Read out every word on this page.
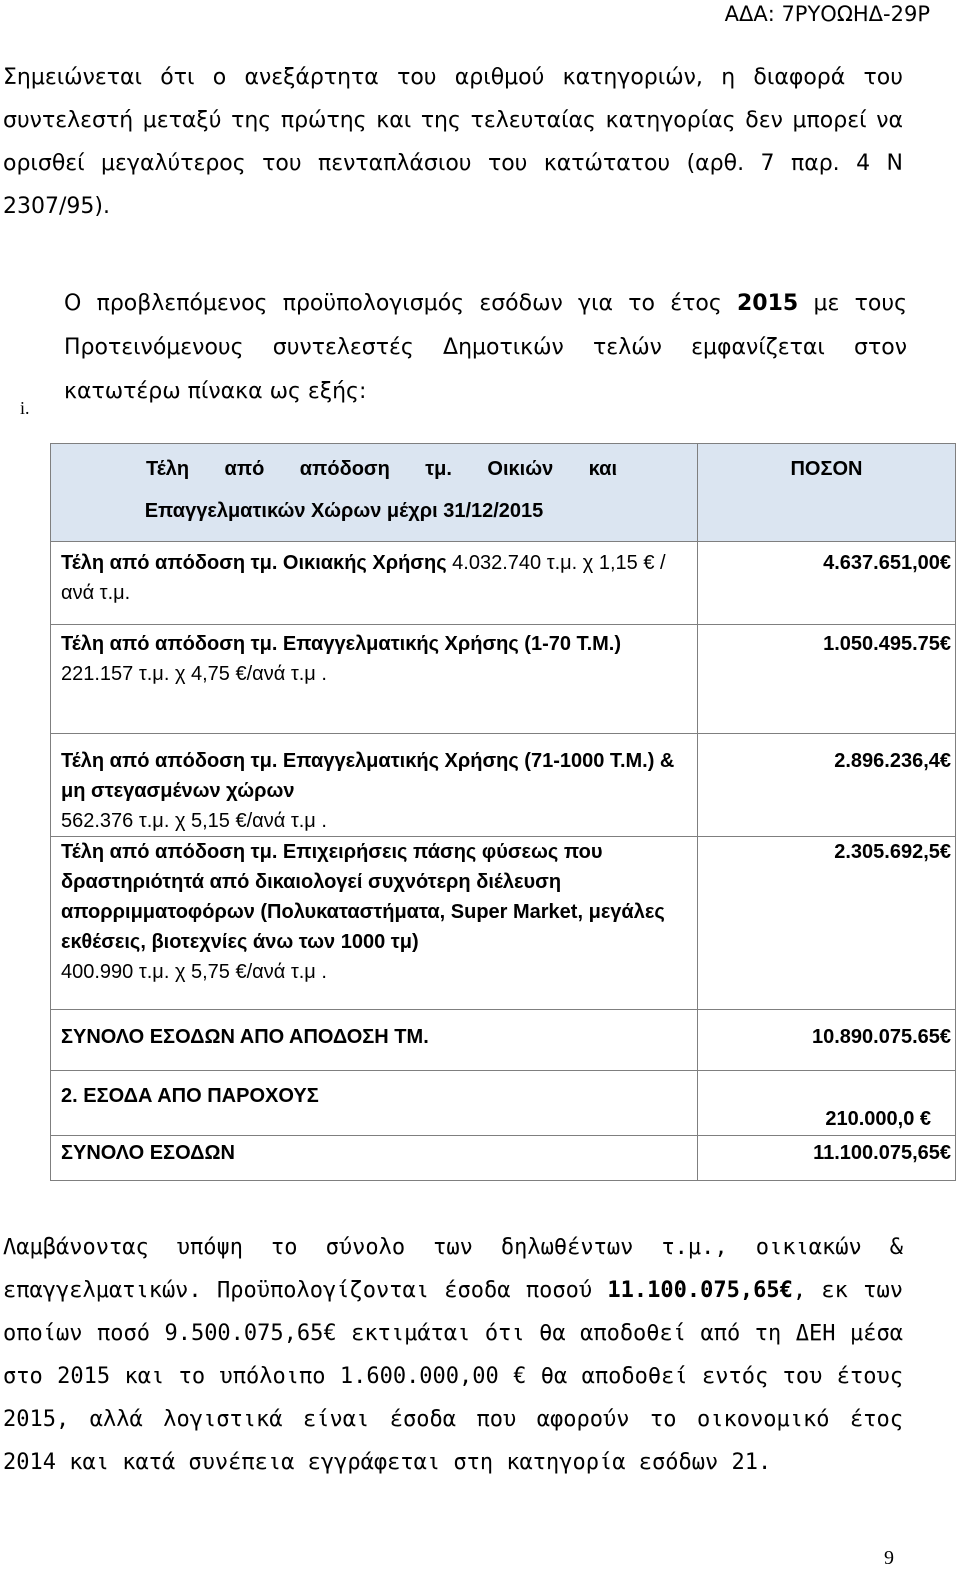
ΑΔΑ: 7ΡΥΟΩΗΔ-29Ρ

Σημειώνεται ότι ο ανεξάρτητα του αριθμού κατηγοριών, η διαφορά του συντελεστή μεταξύ της πρώτης και της τελευταίας κατηγορίας δεν μπορεί να ορισθεί μεγαλύτερος του πενταπλάσιου του κατώτατου (αρθ. 7 παρ. 4 Ν 2307/95).

i.

Ο προβλεπόμενος προϋπολογισμός εσόδων για το έτος 2015 με τους Προτεινόμενους συντελεστές Δημοτικών τελών εμφανίζεται στον κατωτέρω πίνακα ως εξής:

Τέλη από απόδοση τμ. Οικιών και
Επαγγελματικών Χώρων μέχρι 31/12/2015	ΠΟΣΟΝ
Τέλη από απόδοση τμ. Οικιακής Χρήσης 4.032.740 τ.μ. χ 1,15 € / ανά τ.μ.	4.637.651,00€
Τέλη από απόδοση τμ. Επαγγελματικής Χρήσης (1-70 Τ.Μ.)
221.157 τ.μ. χ 4,75 €/ανά τ.μ .	1.050.495.75€
Τέλη από απόδοση τμ. Επαγγελματικής Χρήσης (71-1000 Τ.Μ.) & μη στεγασμένων χώρων
562.376 τ.μ. χ 5,15 €/ανά τ.μ .	2.896.236,4€
Τέλη από απόδοση τμ. Επιχειρήσεις πάσης φύσεως που δραστηριότητά από δικαιολογεί συχνότερη διέλευση απορριμματοφόρων (Πολυκαταστήματα, Super Market, μεγάλες εκθέσεις, βιοτεχνίες άνω των 1000 τμ)
400.990 τ.μ. χ 5,75 €/ανά τ.μ .	2.305.692,5€
ΣΥΝΟΛΟ ΕΣΟΔΩΝ ΑΠΟ ΑΠΟΔΟΣΗ ΤΜ.	10.890.075.65€
2. ΕΣΟΔΑ ΑΠΟ ΠΑΡΟΧΟΥΣ	210.000,0 €
ΣΥΝΟΛΟ ΕΣΟΔΩΝ	11.100.075,65€

Λαμβάνοντας υπόψη το σύνολο των δηλωθέντων τ.μ., οικιακών & επαγγελματικών. Προϋπολογίζονται έσοδα ποσού 11.100.075,65€, εκ των οποίων ποσό 9.500.075,65€ εκτιμάται ότι θα αποδοθεί από τη ΔΕΗ μέσα στο 2015 και το υπόλοιπο 1.600.000,00 € θα αποδοθεί εντός του έτους 2015, αλλά λογιστικά είναι έσοδα που αφορούν το οικονομικό έτος 2014 και κατά συνέπεια εγγράφεται στη κατηγορία εσόδων 21.

9
